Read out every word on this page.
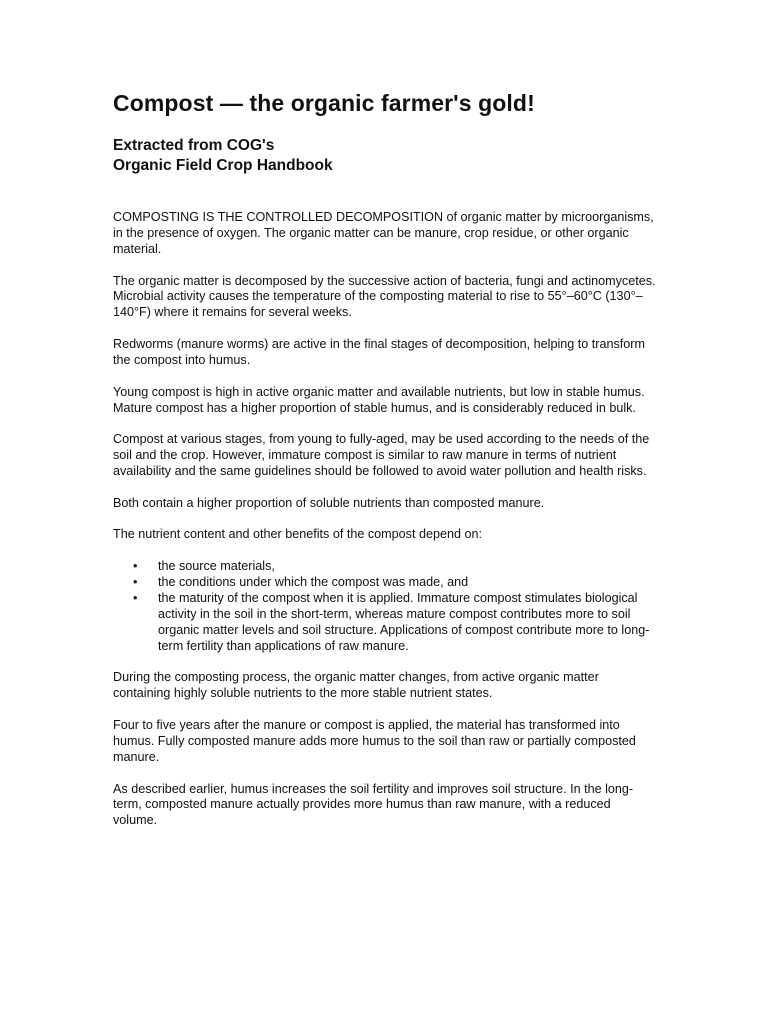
Compost — the organic farmer's gold!
Extracted from COG's
Organic Field Crop Handbook

COMPOSTING IS THE CONTROLLED DECOMPOSITION of organic matter by microorganisms, in the presence of oxygen. The organic matter can be manure, crop residue, or other organic material.

The organic matter is decomposed by the successive action of bacteria, fungi and actinomycetes. Microbial activity causes the temperature of the composting material to rise to 55°–60°C (130°–140°F) where it remains for several weeks.

Redworms (manure worms) are active in the final stages of decomposition, helping to transform the compost into humus.

Young compost is high in active organic matter and available nutrients, but low in stable humus. Mature compost has a higher proportion of stable humus, and is considerably reduced in bulk.

Compost at various stages, from young to fully-aged, may be used according to the needs of the soil and the crop. However, immature compost is similar to raw manure in terms of nutrient availability and the same guidelines should be followed to avoid water pollution and health risks.

Both contain a higher proportion of soluble nutrients than composted manure.

The nutrient content and other benefits of the compost depend on:

• the source materials,
• the conditions under which the compost was made, and
• the maturity of the compost when it is applied. Immature compost stimulates biological activity in the soil in the short-term, whereas mature compost contributes more to soil organic matter levels and soil structure. Applications of compost contribute more to long-term fertility than applications of raw manure.

During the composting process, the organic matter changes, from active organic matter containing highly soluble nutrients to the more stable nutrient states.

Four to five years after the manure or compost is applied, the material has transformed into humus. Fully composted manure adds more humus to the soil than raw or partially composted manure.

As described earlier, humus increases the soil fertility and improves soil structure. In the long-term, composted manure actually provides more humus than raw manure, with a reduced volume.
